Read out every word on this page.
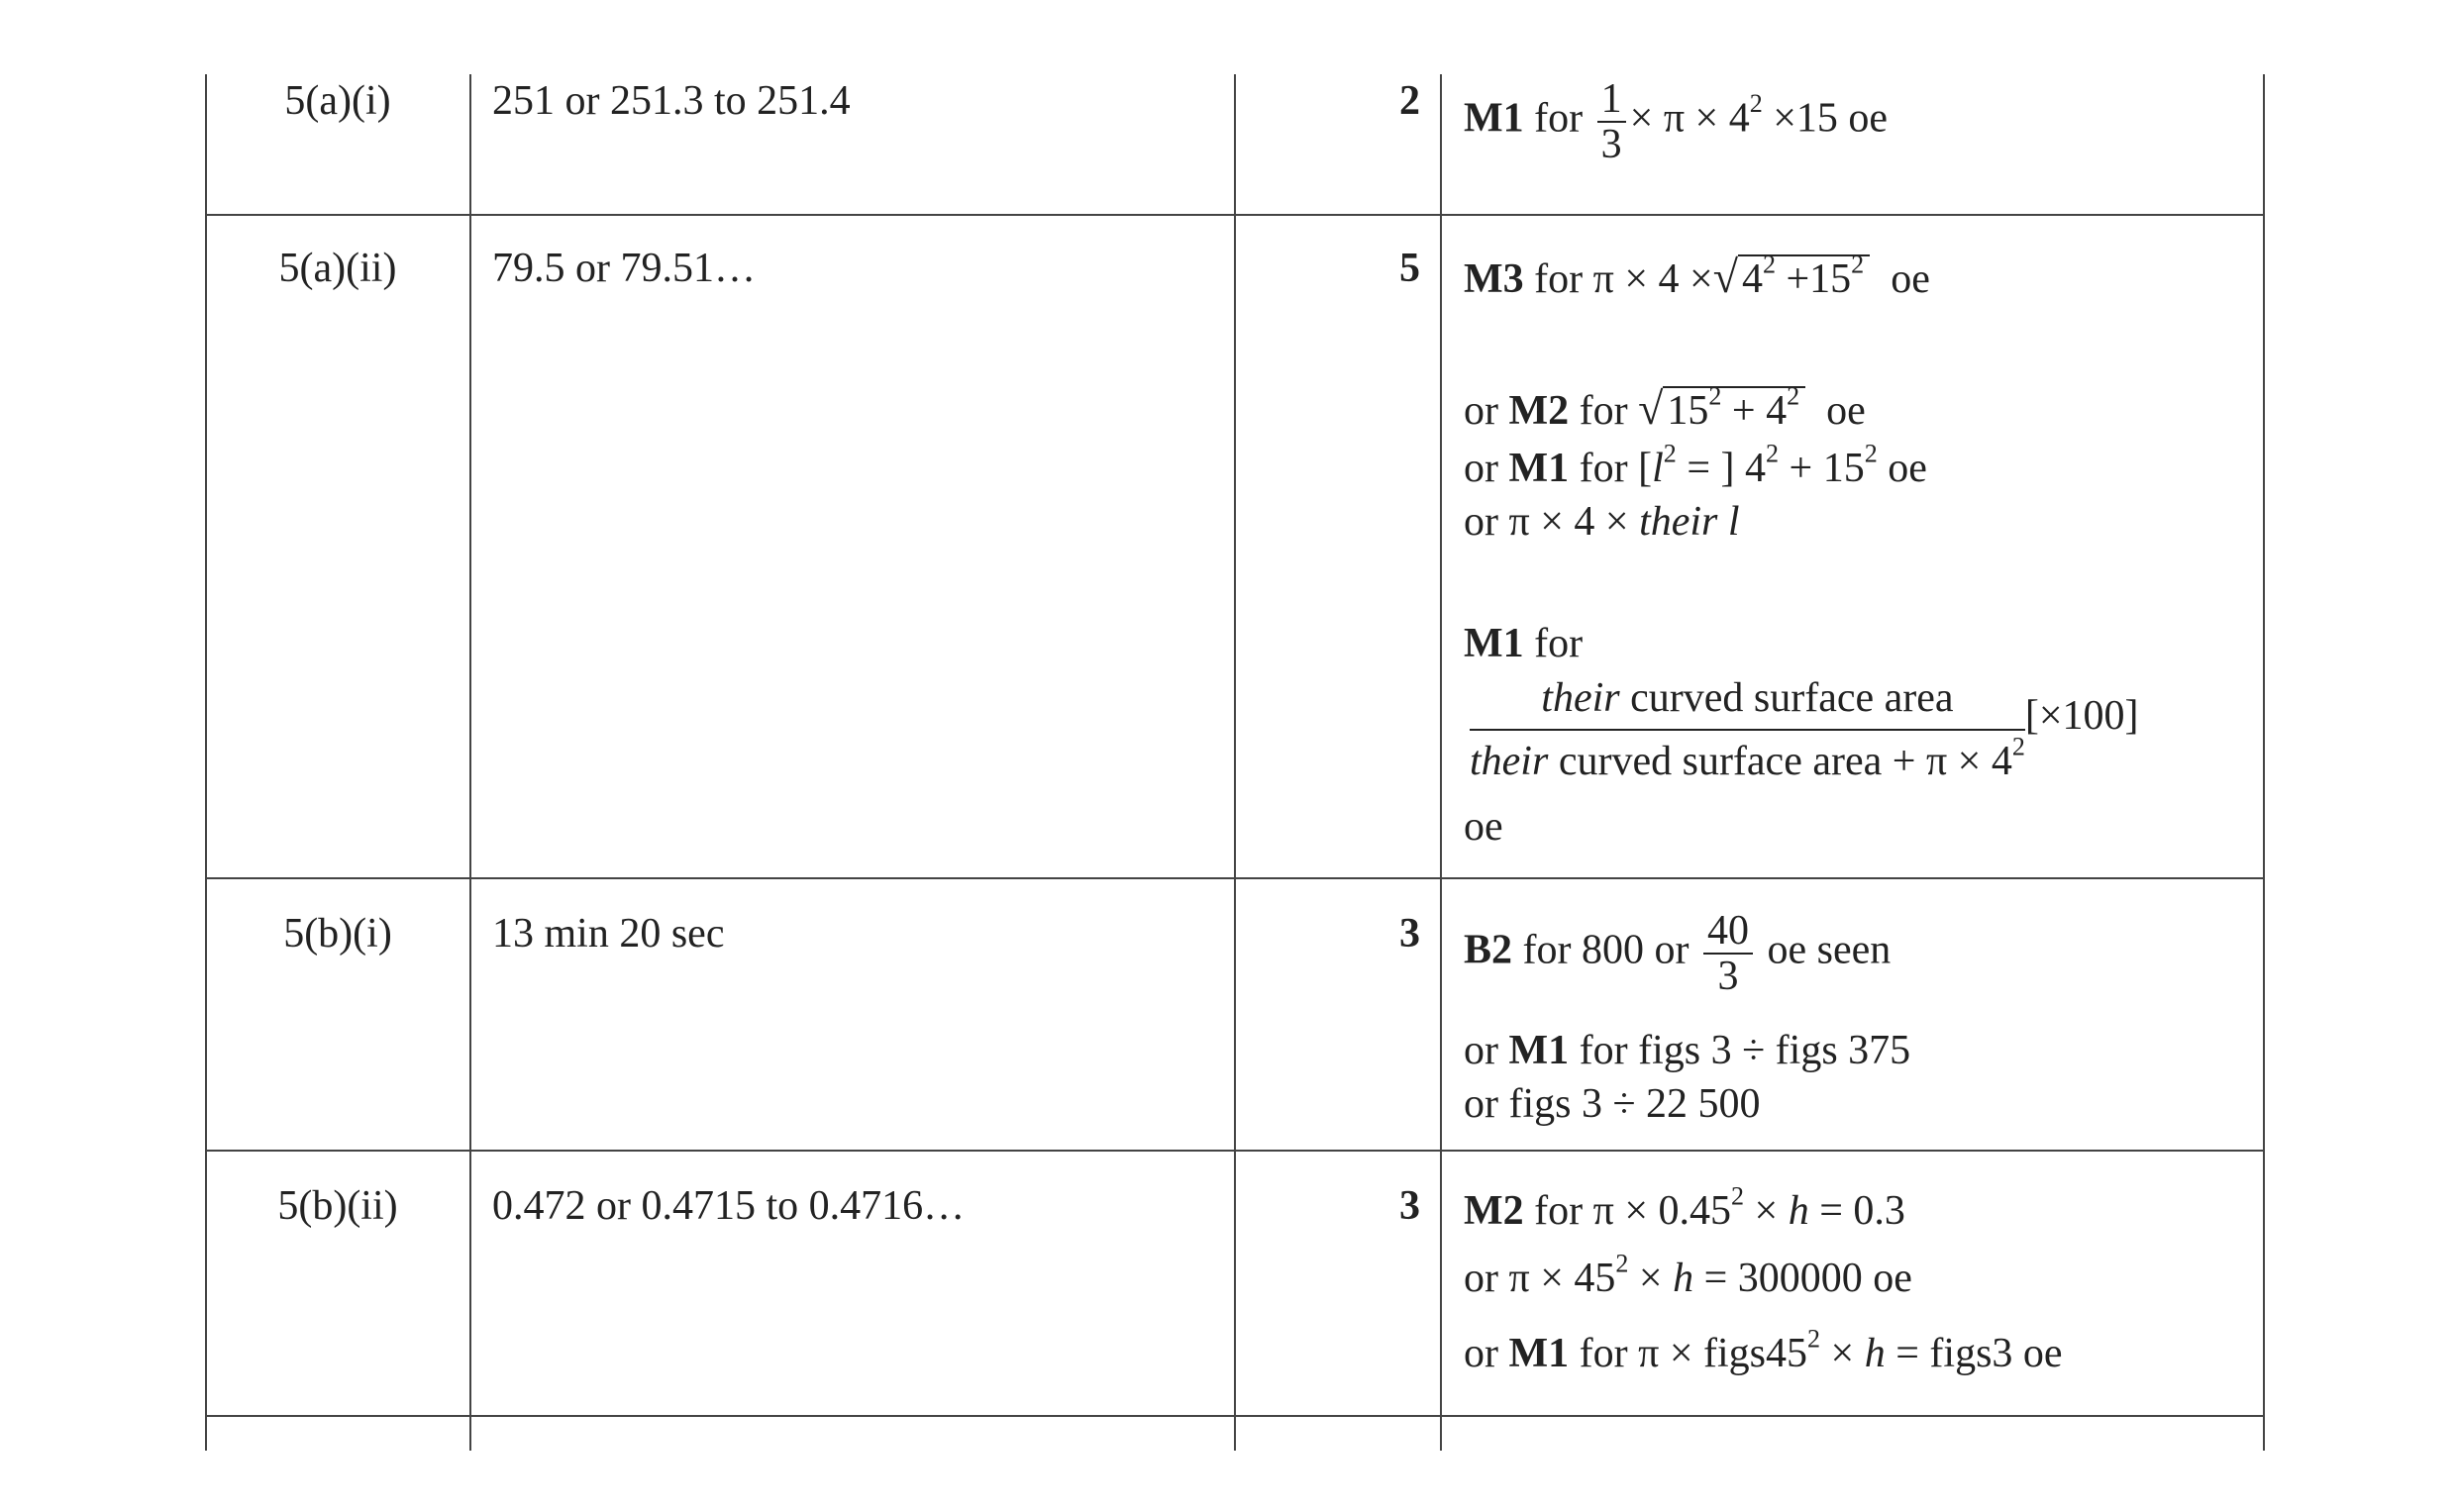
5(a)(i)	251 or 251.3 to 251.4	2 M1 for $\frac{1}{3} \times \pi \times 4^2 \times 15$ oe
5(a)(ii)	79.5 or 79.51…	5 M3 for $\pi \times 4 \times√4^2 +15^2$ oe
or M2 for $√15^2 + 4^2$ oe
or M1 for [$l^2$ = ] $4^2 + 15^2$ oe
or π × 4 × their l
M1 for
$\frac{\text{their curved surface area}}{their curved surface area + \pi \times 4^2} [\times 100]$
oe
5(b)(i)	13 min 20 sec	3 B2 for 800 or $\frac{40}{3}$ oe seen
or M1 for figs 3 ÷ figs 375
or figs 3 ÷ 22 500
5(b)(ii)	0.472 or 0.4715 to 0.4716…	3 M2 for $\pi \times 0.45^2 \times h = 0.3$
or $\pi \times 45^2 \times h = 300000$ oe
or M1 for $\pi \times figs45^2 \times h$ = figs3 oe
